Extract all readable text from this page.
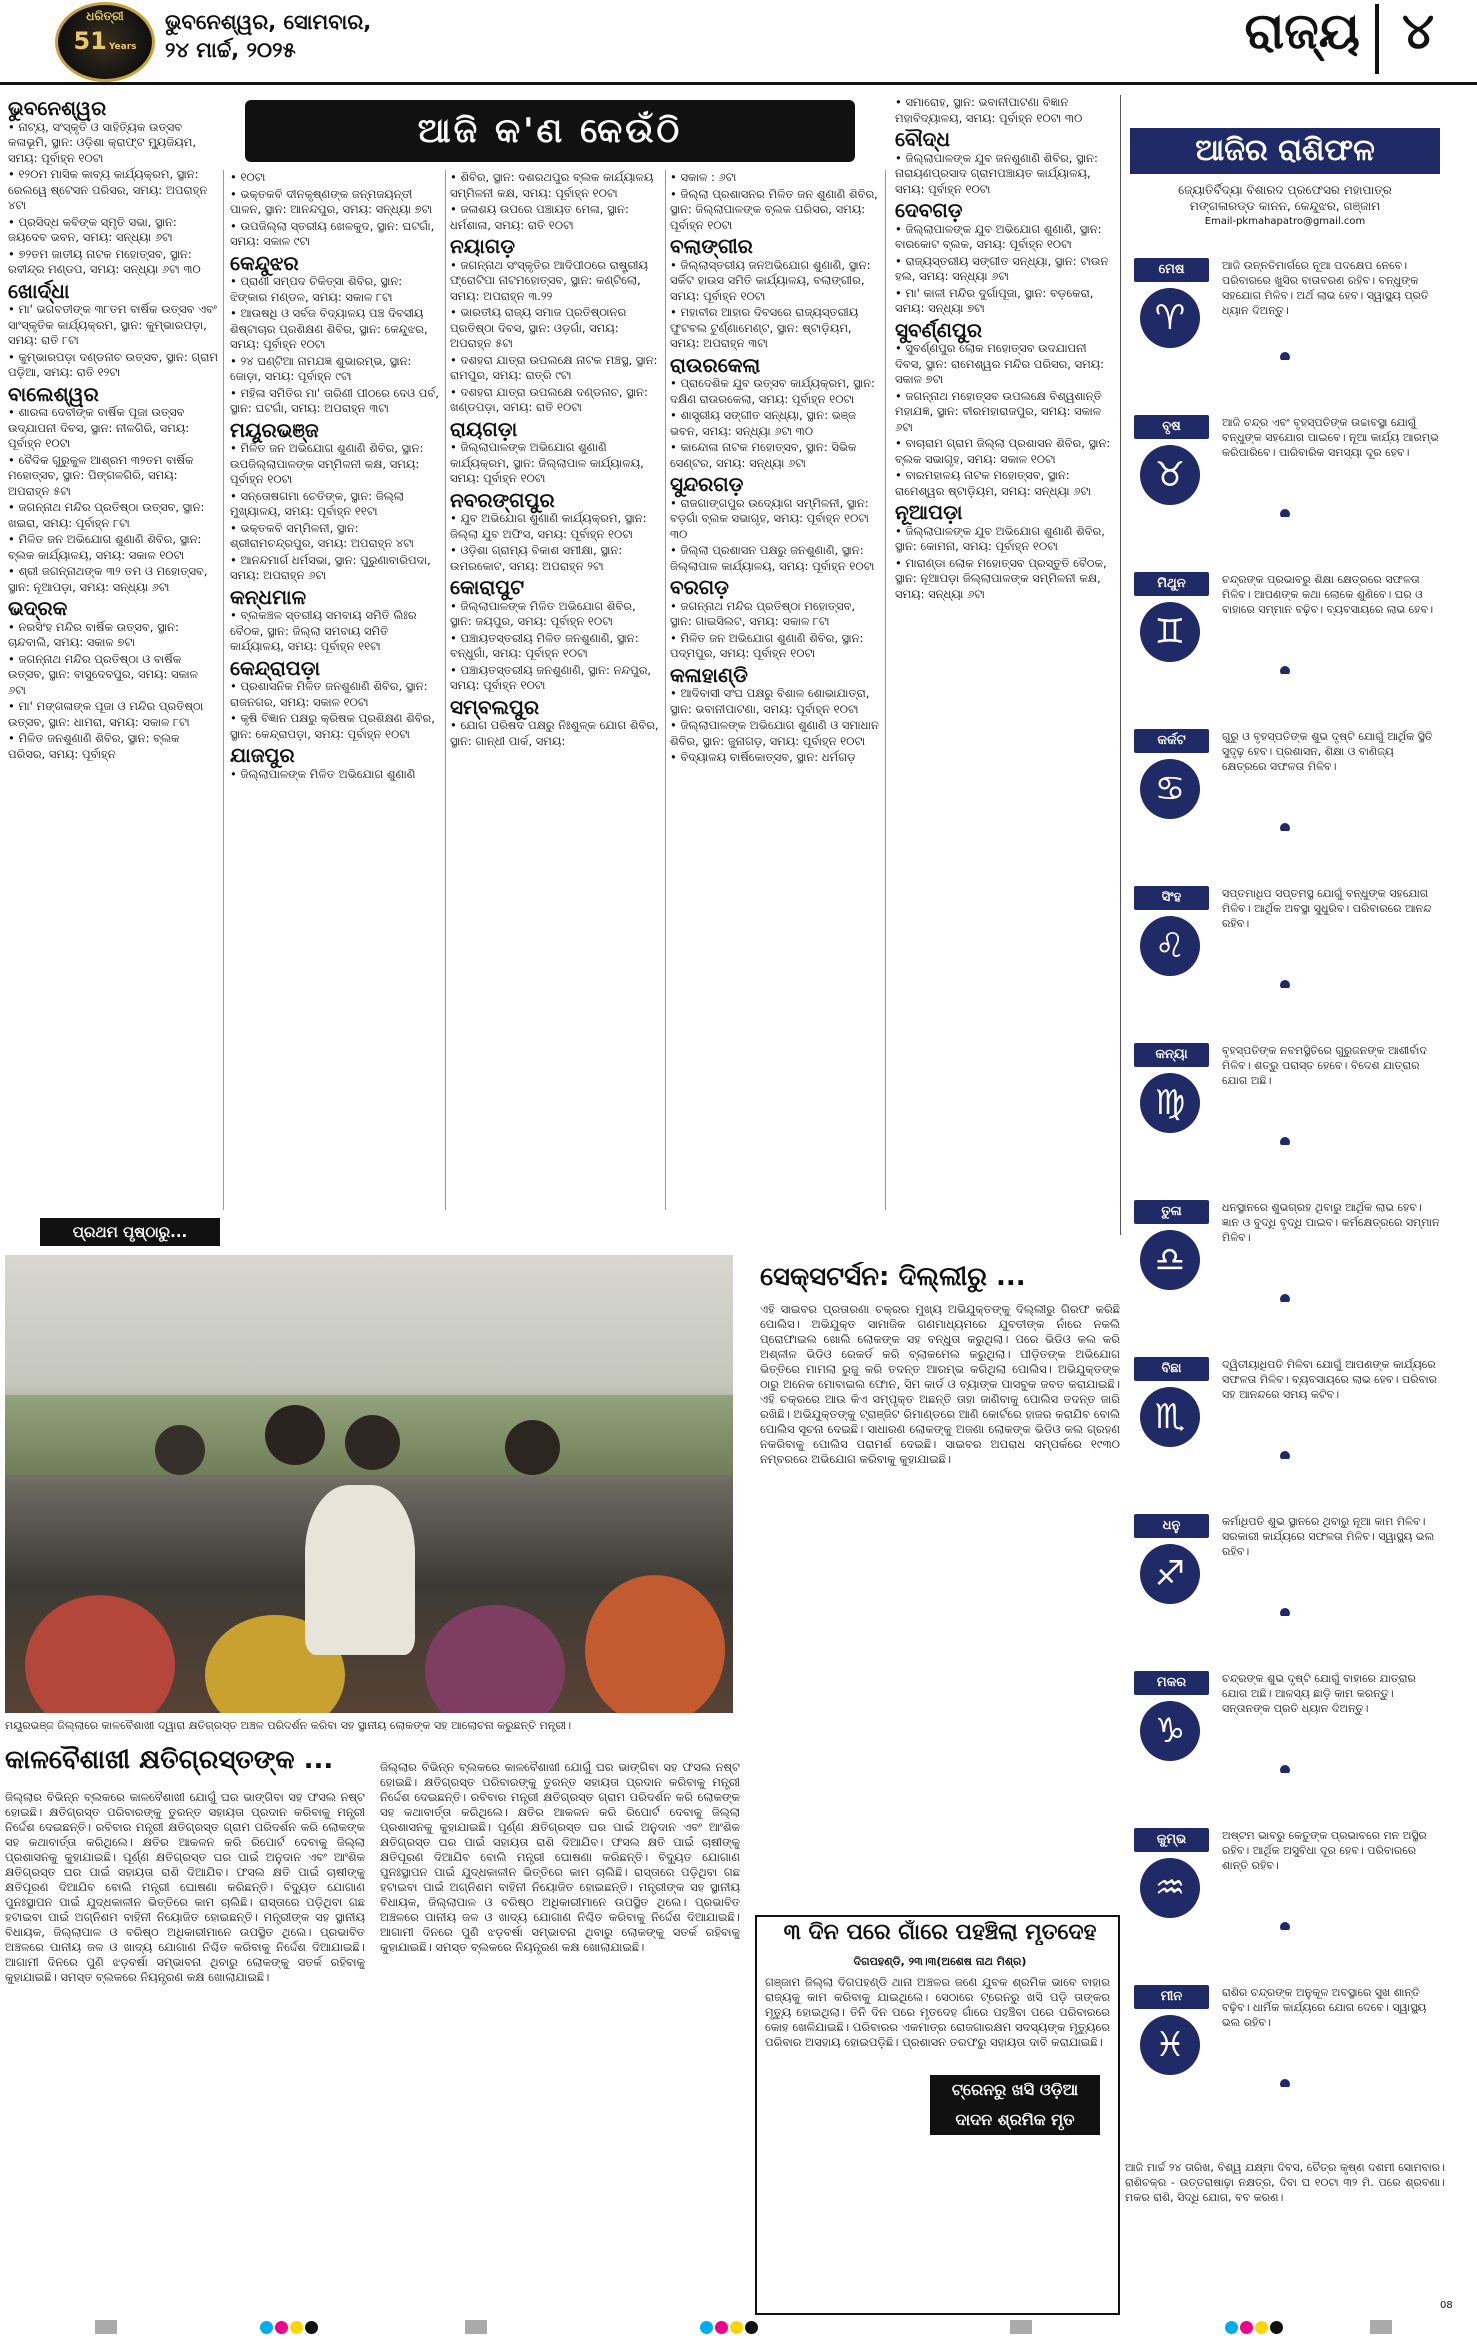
ଧରିତ୍ରୀ
51 Years
ଭୁବନେଶ୍ୱର, ସୋମବାର,
୨୪ ମାର୍ଚ୍ଚ, ୨୦୨୫	ରାଜ୍ୟ ୪
ଆଜି କ'ଣ କେଉଁଠି
ଭୁବନେଶ୍ୱର

• ନାଟ୍ୟ, ସଂସ୍କୃତି ଓ ସାହିତ୍ୟିକ ଉତ୍ସବ କଳାଭୂମି, ସ୍ଥାନ: ଓଡ଼ିଶା କ୍ରାଫ୍ଟ ମ୍ୟୁଜିୟମ, ସମୟ: ପୂର୍ବାହ୍ନ ୧୦ଟା

• ୧୨୦ମ ମାସିକ କାବ୍ୟ କାର୍ଯ୍ୟକ୍ରମ, ସ୍ଥାନ: ରେଲୱେ ଷ୍ଟେସନ ପରିସର, ସମୟ: ଅପରାହ୍ନ ୪ଟା

• ପ୍ରସିଦ୍ଧ କବିଙ୍କ ସ୍ମୃତି ସଭା, ସ୍ଥାନ: ଜୟଦେବ ଭବନ, ସମୟ: ସନ୍ଧ୍ୟା ୬ଟା

• ୭୨ତମ ଜାତୀୟ ନାଟକ ମହୋତ୍ସବ, ସ୍ଥାନ: ରବୀନ୍ଦ୍ର ମଣ୍ଡପ, ସମୟ: ସନ୍ଧ୍ୟା ୬ଟା ୩୦

ଖୋର୍ଦ୍ଧା

• ମା' ଭଗବତୀଙ୍କ ୩୮ତମ ବାର୍ଷିକ ଉତ୍ସବ ଏବଂ ସାଂସ୍କୃତିକ କାର୍ଯ୍ୟକ୍ରମ, ସ୍ଥାନ: କୁମ୍ଭାରପଡ଼ା, ସମୟ: ରାତି ୮ଟା

• କୁମ୍ଭାରପଡ଼ା ଦଣ୍ଡନାଚ ଉତ୍ସବ, ସ୍ଥାନ: ଗ୍ରାମ ପଡ଼ିଆ, ସମୟ: ରାତି ୧୨ଟା

ବାଲେଶ୍ୱର

• ଶାରଳା ଦେବୀଙ୍କ ବାର୍ଷିକ ପୂଜା ଉତ୍ସବ ଉଦ୍ଯାପନୀ ଦିବସ, ସ୍ଥାନ: ନୀଳଗିରି, ସମୟ: ପୂର୍ବାହ୍ନ ୧୦ଟା

• ବୈଦିକ ଗୁରୁକୁଳ ଆଶ୍ରମ ୩୨ତମ ବାର୍ଷିକ ମହୋତ୍ସବ, ସ୍ଥାନ: ପିଙ୍ଗଳଗିରି, ସମୟ: ଅପରାହ୍ନ ୫ଟା

• ଜଗନ୍ନାଥ ମନ୍ଦିର ପ୍ରତିଷ୍ଠା ଉତ୍ସବ, ସ୍ଥାନ: ଖଇରା, ସମୟ: ପୂର୍ବାହ୍ନ ୮ଟା

• ମିଳିତ ଜନ ଅଭିଯୋଗ ଶୁଣାଣି ଶିବିର, ସ୍ଥାନ: ବ୍ଲକ କାର୍ଯ୍ୟାଳୟ, ସମୟ: ସକାଳ ୧୦ଟା

• ଶ୍ରୀ ଜଗନ୍ନାଥଙ୍କ ୩୨ ତମ ଓ ମହୋତ୍ସବ, ସ୍ଥାନ: ନୂଆପଡ଼ା, ସମୟ: ସନ୍ଧ୍ୟା ୬ଟା

ଭଦ୍ରକ

• ନରସିଂହ ମନ୍ଦିର ବାର୍ଷିକ ଉତ୍ସବ, ସ୍ଥାନ: ଚାନ୍ଦବାଲି, ସମୟ: ସକାଳ ୭ଟା

• ଜଗନ୍ନାଥ ମନ୍ଦିର ପ୍ରତିଷ୍ଠା ଓ ବାର୍ଷିକ ଉତ୍ସବ, ସ୍ଥାନ: ବାସୁଦେବପୁର, ସମୟ: ସକାଳ ୬ଟା

• ମା' ମଙ୍ଗଳାଙ୍କ ପୂଜା ଓ ମନ୍ଦିର ପ୍ରତିଷ୍ଠା ଉତ୍ସବ, ସ୍ଥାନ: ଧାମରା, ସମୟ: ସକାଳ ୮ଟା

• ମିଳିତ ଜନଶୁଣାଣି ଶିବିର, ସ୍ଥାନ: ବ୍ଲକ ପରିସର, ସମୟ: ପୂର୍ବାହ୍ନ

• ୧୦ଟା

• ଭକ୍ତକବି ଦୀନକୃଷ୍ଣଙ୍କ ଜନ୍ମଜୟନ୍ତୀ ପାଳନ, ସ୍ଥାନ: ଆନନ୍ଦପୁର, ସମୟ: ସନ୍ଧ୍ୟା ୭ଟା

• ଉପଜିଲ୍ଲା ସ୍ତରୀୟ ଖେଳକୁଦ, ସ୍ଥାନ: ଘଟଗାଁ, ସମୟ: ସକାଳ ୯ଟା

କେନ୍ଦୁଝର

• ପ୍ରାଣୀ ସମ୍ପଦ ଚିକିତ୍ସା ଶିବିର, ସ୍ଥାନ: ଝିଙ୍କାର ମଣ୍ଡଳ, ସମୟ: ସକାଳ ୮ଟା

• ଆଉଷଧି ଓ ସର୍ବଜ ବିଦ୍ୟାଳୟ ପଞ୍ଚ ଦିବସୀୟ ଶିଷ୍ଟାଚାର ପ୍ରଶିକ୍ଷଣ ଶିବିର, ସ୍ଥାନ: କେନ୍ଦୁଝର, ସମୟ: ପୂର୍ବାହ୍ନ ୧୦ଟା

• ୨୪ ଘଣ୍ଟିଆ ନାମଯଜ୍ଞ ଶୁଭାରମ୍ଭ, ସ୍ଥାନ: ଜୋଡ଼ା, ସମୟ: ପୂର୍ବାହ୍ନ ୯ଟା

• ମହିଳା ସମିତିର ମା' ତାରିଣୀ ପୀଠରେ ଦେଓ ପର୍ବ, ସ୍ଥାନ: ଘଟଗାଁ, ସମୟ: ଅପରାହ୍ନ ୩ଟା

ମୟୂରଭଞ୍ଜ

• ମିଳିତ ଜନ ଅଭିଯୋଗ ଶୁଣାଣି ଶିବିର, ସ୍ଥାନ: ଉପଜିଲ୍ଲାପାଳଙ୍କ ସମ୍ମିଳନୀ କକ୍ଷ, ସମୟ: ପୂର୍ବାହ୍ନ ୧୦ଟା

• ସନ୍ତୋଷଗମା ଚେତିଙ୍କ, ସ୍ଥାନ: ଜିଲ୍ଲା ମୁଖ୍ୟାଳୟ, ସମୟ: ପୂର୍ବାହ୍ନ ୧୧ଟା

• ଭକ୍ତକବି ସମ୍ମିଳନୀ, ସ୍ଥାନ: ଶ୍ରୀରାମଚନ୍ଦ୍ରପୁର, ସମୟ: ଅପରାହ୍ନ ୪ଟା

• ଆନନ୍ଦମାର୍ଗ ଧର୍ମସଭା, ସ୍ଥାନ: ପୁରୁଣାବାରିପଦା, ସମୟ: ଅପରାହ୍ନ ୬ଟା

କନ୍ଧମାଳ

• ବ୍ଲକଞ୍ଚଳ ସ୍ତରୀୟ ସମବାୟ ସମିତି ଲିଃର ବୈଠକ, ସ୍ଥାନ: ଜିଲ୍ଲା ସମବାୟ ସମିତି କାର୍ଯ୍ୟାଳୟ, ସମୟ: ପୂର୍ବାହ୍ନ ୧୧ଟା

କେନ୍ଦ୍ରାପଡ଼ା

• ପ୍ରଶାସନିକ ମିଳିତ ଜନଶୁଣାଣି ଶିବିର, ସ୍ଥାନ: ରାଜନଗର, ସମୟ: ସକାଳ ୧୦ଟା

• କୃଷି ବିଜ୍ଞାନ ପକ୍ଷରୁ କ୍ରିଷକ ପ୍ରଶିକ୍ଷଣ ଶିବିର, ସ୍ଥାନ: କେନ୍ଦ୍ରାପଡ଼ା, ସମୟ: ପୂର୍ବାହ୍ନ ୧୦ଟା

ଯାଜପୁର

• ଜିଲ୍ଲାପାଳଙ୍କ ମିଳିତ ଅଭିଯୋଗ ଶୁଣାଣି

• ଶିବିର, ସ୍ଥାନ: ଦଶରଥପୁର ବ୍ଲକ କାର୍ଯ୍ୟାଳୟ ସମ୍ମିଳନୀ କକ୍ଷ, ସମୟ: ପୂର୍ବାହ୍ନ ୧୦ଟା

• ଜଳାଶୟ ଉପରେ ପଞ୍ଚାୟତ ମେଳା, ସ୍ଥାନ: ଧର୍ମଶାଳା, ସମୟ: ରାତି ୧୦ଟା

ନୟାଗଡ଼

• ଜଗନ୍ନାଥ ସଂସ୍କୃତିର ଆଦିପୀଠରେ ରାଷ୍ଟ୍ରୀୟ ଫ୍ରୋଟିପା ନାଟମହୋତ୍ସବ, ସ୍ଥାନ: କଣ୍ଟିଲୋ, ସମୟ: ଅପରାହ୍ନ ୩.୨୨

• ଭାରତୀୟ ରାଜ୍ୟ ସମାଜ ପ୍ରତିଷ୍ଠାନର ପ୍ରତିଷ୍ଠା ଦିବସ, ସ୍ଥାନ: ଓଡ଼ଗାଁ, ସମୟ: ଅପରାହ୍ନ ୫ଟା

• ଦଶହରା ଯାତ୍ରା ଉପଲକ୍ଷେ ନାଟକ ମଞ୍ଚସ୍ଥ, ସ୍ଥାନ: ରାମପୁର, ସମୟ: ରାତ୍ରି ୯ଟା

• ଦଶହରା ଯାତ୍ରା ଉପଲକ୍ଷେ ଦଣ୍ଡନାଚ, ସ୍ଥାନ: ଖଣ୍ଡପଡ଼ା, ସମୟ: ରାତି ୧୦ଟା

ରାୟଗଡ଼ା

• ଜିଲ୍ଲାପାଳଙ୍କ ଅଭିଯୋଗ ଶୁଣାଣି କାର୍ଯ୍ୟକ୍ରମ, ସ୍ଥାନ: ଜିଲ୍ଲାପାଳ କାର୍ଯ୍ୟାଳୟ, ସମୟ: ପୂର୍ବାହ୍ନ ୧୦ଟା

ନବରଙ୍ଗପୁର

• ଯୁବ ଅଭିଯୋଗ ଶୁଣାଣି କାର୍ଯ୍ୟକ୍ରମ, ସ୍ଥାନ: ଜିଲ୍ଲା ଯୁବ ଅଫିସ, ସମୟ: ପୂର୍ବାହ୍ନ ୧୦ଟା

• ଓଡ଼ିଶା ଗ୍ରାମ୍ୟ ବିକାଶ ସମୀକ୍ଷା, ସ୍ଥାନ: ଉମରକୋଟ, ସମୟ: ଅପରାହ୍ନ ୨ଟା

କୋରାପୁଟ

• ଜିଲ୍ଲାପାଳଙ୍କ ମିଳିତ ଅଭିଯୋଗ ଶିବିର, ସ୍ଥାନ: ଜୟପୁର, ସମୟ: ପୂର୍ବାହ୍ନ ୧୦ଟା

• ପଞ୍ଚାୟତସ୍ତରୀୟ ମିଳିତ ଜନଶୁଣାଣି, ସ୍ଥାନ: ବନ୍ଧୁଗାଁ, ସମୟ: ପୂର୍ବାହ୍ନ ୧୦ଟା

• ପଞ୍ଚାୟତସ୍ତରୀୟ ଜନଶୁଣାଣି, ସ୍ଥାନ: ନନ୍ଦପୁର, ସମୟ: ପୂର୍ବାହ୍ନ ୧୦ଟା

ସମ୍ବଲପୁର

• ଯୋଗ ପରିଷଦ ପକ୍ଷରୁ ନିଃଶୁଳ୍କ ଯୋଗ ଶିବିର, ସ୍ଥାନ: ଗାନ୍ଧୀ ପାର୍କ, ସମୟ:

• ସକାଳ : ୬ଟା

• ଜିଲ୍ଲା ପ୍ରଶାସନର ମିଳିତ ଜନ ଶୁଣାଣି ଶିବିର, ସ୍ଥାନ: ଜିଲ୍ଲାପାଳଙ୍କ ବ୍ଲକ ପରିସର, ସମୟ: ପୂର୍ବାହ୍ନ ୧୦ଟା

ବଲାଙ୍ଗୀର

• ଜିଲ୍ଲାସ୍ତରୀୟ ଜନଅଭିଯୋଗ ଶୁଣାଣି, ସ୍ଥାନ: ସର୍କିଟ ହାଉସ ସମିତି କାର୍ଯ୍ୟାଳୟ, ବଲାଙ୍ଗୀର, ସମୟ: ପୂର୍ବାହ୍ନ ୧୦ଟା

• ମହାବୀର ଆହାର ଦିବସରେ ରାଜ୍ୟସ୍ତରୀୟ ଫୁଟବଲ ଟୁର୍ଣ୍ଣାମେଣ୍ଟ, ସ୍ଥାନ: ଷ୍ଟାଡ଼ିୟମ, ସମୟ: ଅପରାହ୍ନ ୩ଟା

ରାଉରକେଲା

• ପ୍ରାଦେଶିକ ଯୁବ ଉତ୍ସବ କାର୍ଯ୍ୟକ୍ରମ, ସ୍ଥାନ: ଦକ୍ଷିଣ ରାଉରକେଲା, ସମୟ: ପୂର୍ବାହ୍ନ ୧୦ଟା

• ଶାସ୍ତ୍ରୀୟ ସଙ୍ଗୀତ ସନ୍ଧ୍ୟା, ସ୍ଥାନ: ଭଞ୍ଜ ଭବନ, ସମୟ: ସନ୍ଧ୍ୟା ୬ଟା ୩୦

• କାନ୍ଦୋଳା ନାଟକ ମହୋତ୍ସବ, ସ୍ଥାନ: ସିଭିକ ସେଣ୍ଟର, ସମୟ: ସନ୍ଧ୍ୟା ୬ଟା

ସୁନ୍ଦରଗଡ଼

• ରାଜଗାଙ୍ଗପୁର ଉଦ୍ୟୋଗ ସମ୍ମିଳନୀ, ସ୍ଥାନ: ବଡ଼ଗାଁ ବ୍ଲକ ସଭାଗୃହ, ସମୟ: ପୂର୍ବାହ୍ନ ୧୦ଟା ୩୦

• ଜିଲ୍ଲା ପ୍ରଶାସନ ପକ୍ଷରୁ ଜନଶୁଣାଣି, ସ୍ଥାନ: ଜିଲ୍ଲାପାଳ କାର୍ଯ୍ୟାଳୟ, ସମୟ: ପୂର୍ବାହ୍ନ ୧୦ଟା

ବରଗଡ଼

• ଜଗନ୍ନାଥ ମନ୍ଦିର ପ୍ରତିଷ୍ଠା ମହୋତ୍ସବ, ସ୍ଥାନ: ଗାଇସିଲଟ, ସମୟ: ସକାଳ ୮ଟା

• ମିଳିତ ଜନ ଅଭିଯୋଗ ଶୁଣାଣି ଶିବିର, ସ୍ଥାନ: ପଦ୍ମପୁର, ସମୟ: ପୂର୍ବାହ୍ନ ୧୦ଟା

କଳାହାଣ୍ଡି

• ଆଦିବାସୀ ସଂଘ ପକ୍ଷରୁ ବିଶାଳ ଶୋଭାଯାତ୍ରା, ସ୍ଥାନ: ଭବାନୀପାଟଣା, ସମୟ: ପୂର୍ବାହ୍ନ ୧୦ଟା

• ଜିଲ୍ଲାପାଳଙ୍କ ଅଭିଯୋଗ ଶୁଣାଣି ଓ ସମାଧାନ ଶିବିର, ସ୍ଥାନ: ଜୁନାଗଡ଼, ସମୟ: ପୂର୍ବାହ୍ନ ୧୦ଟା

• ବିଦ୍ୟାଳୟ ବାର୍ଷିକୋତ୍ସବ, ସ୍ଥାନ: ଧର୍ମଗଡ଼

• ସମାରୋହ, ସ୍ଥାନ: ଭବାନୀପାଟଣା ବିଜ୍ଞାନ ମହାବିଦ୍ୟାଳୟ, ସମୟ: ପୂର୍ବାହ୍ନ ୧୦ଟା ୩୦

ବୌଦ୍ଧ

• ଜିଲ୍ଲାପାଳଙ୍କ ଯୁବ ଜନଶୁଣାଣି ଶିବିର, ସ୍ଥାନ: ନାରାୟଣପ୍ରସାଦ ଗ୍ରାମପଞ୍ଚାୟତ କାର୍ଯ୍ୟାଳୟ, ସମୟ: ପୂର୍ବାହ୍ନ ୧୦ଟା

ଦେବଗଡ଼

• ଜିଲ୍ଲାପାଳଙ୍କ ଯୁବ ଅଭିଯୋଗ ଶୁଣାଣି, ସ୍ଥାନ: ବାରକୋଟ ବ୍ଲକ, ସମୟ: ପୂର୍ବାହ୍ନ ୧୦ଟା

• ରାଜ୍ୟସ୍ତରୀୟ ସଙ୍ଗୀତ ସନ୍ଧ୍ୟା, ସ୍ଥାନ: ଟାଉନ ହଲ, ସମୟ: ସନ୍ଧ୍ୟା ୬ଟା

• ମା' କାଳୀ ମନ୍ଦିର ଦୁର୍ଗାପୂଜା, ସ୍ଥାନ: ବଡ଼କେରା, ସମୟ: ସନ୍ଧ୍ୟା ୭ଟା

ସୁବର୍ଣ୍ଣପୁର

• ସୁବର୍ଣ୍ଣପୁର ଲୋକ ମହୋତ୍ସବ ଉଦଯାପନୀ ଦିବସ, ସ୍ଥାନ: ରାମେଶ୍ୱର ମନ୍ଦିର ପରିସର, ସମୟ: ସକାଳ ୭ଟା

• ଜଗନ୍ନାଥ ମହୋତ୍ସବ ଉପଲକ୍ଷେ ବିଶ୍ୱଶାନ୍ତି ମହାଯଜ୍ଞ, ସ୍ଥାନ: ବୀରମହାରାଜପୁର, ସମୟ: ସକାଳ ୬ଟା

• ବାଚାରାମ ଗ୍ରାମ ଜିଲ୍ଲା ପ୍ରଶାସନ ଶିବିର, ସ୍ଥାନ: ବ୍ଲକ ସଭାଗୃହ, ସମୟ: ସକାଳ ୧୦ଟା

• ବାରମହାଳୟ ନାଟକ ମହୋତ୍ସବ, ସ୍ଥାନ: ରାମେଶ୍ୱର ଷ୍ଟାଡ଼ିୟମ, ସମୟ: ସନ୍ଧ୍ୟା ୬ଟା

ନୂଆପଡ଼ା

• ଜିଲ୍ଲାପାଳଙ୍କ ଯୁବ ଅଭିଯୋଗ ଶୁଣାଣି ଶିବିର, ସ୍ଥାନ: କୋମନା, ସମୟ: ପୂର୍ବାହ୍ନ ୧୦ଟା

• ମାରାଣ୍ଡା ଲୋକ ମହୋତ୍ସବ ପ୍ରସ୍ତୁତି ବୈଠକ, ସ୍ଥାନ: ନୂଆପଡ଼ା ଜିଲ୍ଲାପାଳଙ୍କ ସମ୍ମିଳନୀ କକ୍ଷ, ସମୟ: ସନ୍ଧ୍ୟା ୬ଟା

ଆଜିର ରାଶିଫଳ
ଜ୍ୟୋତିର୍ବିଦ୍ୟା ବିଶାରଦ ପ୍ରଫେସର ମହାପାତ୍ର
ମଙ୍ଗଳାରଡ୍ଡ କାନନ, କେନ୍ଦୁଝର, ଗଞ୍ଜାମ
Email-pkmahapatro@gmail.com
ମେଷ
♈
ଆଜି ଉନ୍ନତିମାର୍ଗରେ ନୂଆ ପଦକ୍ଷେପ ନେବେ। ପରିବାରରେ ଖୁସିର ବାତାବରଣ ରହିବ। ବନ୍ଧୁଙ୍କ ସହଯୋଗ ମିଳିବ। ଅର୍ଥ ଲାଭ ହେବ। ସ୍ୱାସ୍ଥ୍ୟ ପ୍ରତି ଧ୍ୟାନ ଦିଅନ୍ତୁ।
ବୃଷ
♉
ଆଜି ଚନ୍ଦ୍ର ଏବଂ ବୃହସ୍ପତିଙ୍କ ଉଚ୍ଚାବସ୍ଥା ଯୋଗୁଁ ବନ୍ଧୁଙ୍କ ସହଯୋଗ ପାଇବେ। ନୂଆ କାର୍ଯ୍ୟ ଆରମ୍ଭ କରିପାରିବେ। ପାରିବାରିକ ସମସ୍ୟା ଦୂର ହେବ।
ମିଥୁନ
♊
ଚନ୍ଦ୍ରଙ୍କ ପ୍ରଭାବରୁ ଶିକ୍ଷା କ୍ଷେତ୍ରରେ ସଫଳତା ମିଳିବ। ଆପଣଙ୍କ କଥା ଲୋକେ ଶୁଣିବେ। ଘର ଓ ବାହାରେ ସମ୍ମାନ ବଢ଼ିବ। ବ୍ୟବସାୟରେ ଲାଭ ହେବ।
କର୍କଟ
♋
ଗୁରୁ ଓ ବୃହସ୍ପତିଙ୍କ ଶୁଭ ଦୃଷ୍ଟି ଯୋଗୁଁ ଆର୍ଥିକ ସ୍ଥିତି ସୁଦୃଢ଼ ହେବ। ପ୍ରଶାସନ, ଶିକ୍ଷା ଓ ବାଣିଜ୍ୟ କ୍ଷେତ୍ରରେ ସଫଳତା ମିଳିବ।
ସିଂହ
♌
ସପ୍ତମାଧିପ ସପ୍ତମସ୍ଥ ଯୋଗୁଁ ବନ୍ଧୁଙ୍କ ସହଯୋଗ ମିଳିବ। ଆର୍ଥିକ ଅବସ୍ଥା ସୁଧୁରିବ। ପରିବାରରେ ଆନନ୍ଦ ରହିବ।
କନ୍ୟା
♍
ବୃହସ୍ପତିଙ୍କ ନବମସ୍ଥିତିରେ ଗୁରୁଜନଙ୍କ ଆଶୀର୍ବାଦ ମିଳିବ। ଶତ୍ରୁ ପରାସ୍ତ ହେବେ। ବିଦେଶ ଯାତ୍ରାର ଯୋଗ ଅଛି।
ତୁଳା
♎
ଧନସ୍ଥାନରେ ଶୁଭଗ୍ରହ ଥିବାରୁ ଆର୍ଥିକ ଲାଭ ହେବ। ଜ୍ଞାନ ଓ ବୁଦ୍ଧି ବୃଦ୍ଧି ପାଇବ। କର୍ମକ୍ଷେତ୍ରରେ ସମ୍ମାନ ମିଳିବ।
ବିଛା
♏
ଦ୍ୱିତୀୟାଧିପତି ମିଳିବା ଯୋଗୁଁ ଆପଣଙ୍କ କାର୍ଯ୍ୟରେ ସଫଳତା ମିଳିବ। ବ୍ୟବସାୟରେ ଲାଭ ହେବ। ପରିବାର ସହ ଆନନ୍ଦରେ ସମୟ କଟିବ।
ଧନୁ
♐
କର୍ମାଧିପତି ଶୁଭ ସ୍ଥାନରେ ଥିବାରୁ ନୂଆ କାମ ମିଳିବ। ସରକାରୀ କାର୍ଯ୍ୟରେ ସଫଳତା ମିଳିବ। ସ୍ୱାସ୍ଥ୍ୟ ଭଲ ରହିବ।
ମକର
♑
ଚନ୍ଦ୍ରଙ୍କ ଶୁଭ ଦୃଷ୍ଟି ଯୋଗୁଁ ବାହାରେ ଯାତ୍ରାର ଯୋଗ ଅଛି। ଆଳସ୍ୟ ଛାଡ଼ି କାମ କରନ୍ତୁ। ସନ୍ତାନଙ୍କ ପ୍ରତି ଧ୍ୟାନ ଦିଅନ୍ତୁ।
କୁମ୍ଭ
♒
ଅଷ୍ଟମ ଭାବରୁ କେତୁଙ୍କ ପ୍ରଭାବରେ ମନ ଅସ୍ଥିର ରହିବ। ଆର୍ଥିକ ଅସୁବିଧା ଦୂର ହେବ। ପରିବାରରେ ଶାନ୍ତି ରହିବ।
ମୀନ
♓
ରାଶିର ଚନ୍ଦ୍ରଙ୍କ ଅନୁକୂଳ ଅବସ୍ଥାରେ ସୁଖ ଶାନ୍ତି ବଢ଼ିବ। ଧାର୍ମିକ କାର୍ଯ୍ୟରେ ଯୋଗ ଦେବେ। ସ୍ୱାସ୍ଥ୍ୟ ଭଲ ରହିବ।
ଆଜି ମାର୍ଚ୍ଚ ୨୪ ତାରିଖ, ବିଶ୍ୱ ଯକ୍ଷ୍ମା ଦିବସ, ଚୈତ୍ର କୃଷ୍ଣ ଦଶମୀ ସୋମବାର। ରାଶିଚକ୍ର - ଉତ୍ତରାଷାଢ଼ା ନକ୍ଷତ୍ର, ଦିବା ଘ ୧୦ଟା ୩୨ ମି. ପରେ ଶ୍ରବଣା। ମକର ରାଶି, ସିଦ୍ଧି ଯୋଗ, ବବ କରଣ।
ପ୍ରଥମ ପୃଷ୍ଠାରୁ...
ମୟୂରଭଞ୍ଜ ଜିଲ୍ଲାରେ କାଳବୈଶାଖୀ ଦ୍ୱାରା କ୍ଷତିଗ୍ରସ୍ତ ଅଞ୍ଚଳ ପରିଦର୍ଶନ କରିବା ସହ ସ୍ଥାନୀୟ ଲୋକଙ୍କ ସହ ଆଲୋଚନା କରୁଛନ୍ତି ମନ୍ତ୍ରୀ।
ସେକ୍ସଟର୍ସନ: ଦିଲ୍ଲୀରୁ ...
ଏହି ସାଇବର ପ୍ରତାରଣା ଚକ୍ରର ମୁଖ୍ୟ ଅଭିଯୁକ୍ତଙ୍କୁ ଦିଲ୍ଲୀରୁ ଗିରଫ କରିଛି ପୋଲିସ। ଅଭିଯୁକ୍ତ ସାମାଜିକ ଗଣମାଧ୍ୟମରେ ଯୁବତୀଙ୍କ ନାଁରେ ନକଲି ପ୍ରୋଫାଇଲ ଖୋଲି ଲୋକଙ୍କ ସହ ବନ୍ଧୁତା କରୁଥିଲା। ପରେ ଭିଡିଓ କଲ କରି ଅଶ୍ଳୀଳ ଭିଡିଓ ରେକର୍ଡ କରି ବ୍ଲାକମେଲ କରୁଥିଲା। ପୀଡ଼ିତଙ୍କ ଅଭିଯୋଗ ଭିତ୍ତିରେ ମାମଲା ରୁଜୁ କରି ତଦନ୍ତ ଆରମ୍ଭ କରିଥିଲା ପୋଲିସ। ଅଭିଯୁକ୍ତଙ୍କ ଠାରୁ ଅନେକ ମୋବାଇଲ ଫୋନ, ସିମ କାର୍ଡ ଓ ବ୍ୟାଙ୍କ ପାସବୁକ ଜବତ କରାଯାଇଛି। ଏହି ଚକ୍ରରେ ଆଉ କିଏ ସମ୍ପୃକ୍ତ ଅଛନ୍ତି ତାହା ଜାଣିବାକୁ ପୋଲିସ ତଦନ୍ତ ଜାରି ରଖିଛି। ଅଭିଯୁକ୍ତଙ୍କୁ ଟ୍ରାଞ୍ଜିଟ ରିମାଣ୍ଡରେ ଆଣି କୋର୍ଟରେ ହାଜର କରାଯିବ ବୋଲି ପୋଲିସ ସୂଚନା ଦେଇଛି। ସାଧାରଣ ଲୋକଙ୍କୁ ଅଜଣା ଲୋକଙ୍କ ଭିଡିଓ କଲ ଗ୍ରହଣ ନକରିବାକୁ ପୋଲିସ ପରାମର୍ଶ ଦେଇଛି। ସାଇବର ଅପରାଧ ସମ୍ପର୍କରେ ୧୯୩୦ ନମ୍ବରରେ ଅଭିଯୋଗ କରିବାକୁ କୁହାଯାଇଛି।
କାଳବୈଶାଖୀ କ୍ଷତିଗ୍ରସ୍ତଙ୍କ ...
ଜିଲ୍ଲାର ବିଭିନ୍ନ ବ୍ଲକରେ କାଳବୈଶାଖୀ ଯୋଗୁଁ ଘର ଭାଙ୍ଗିବା ସହ ଫସଲ ନଷ୍ଟ ହୋଇଛି। କ୍ଷତିଗ୍ରସ୍ତ ପରିବାରଙ୍କୁ ତୁରନ୍ତ ସହାୟତା ପ୍ରଦାନ କରିବାକୁ ମନ୍ତ୍ରୀ ନିର୍ଦ୍ଦେଶ ଦେଇଛନ୍ତି। ରବିବାର ମନ୍ତ୍ରୀ କ୍ଷତିଗ୍ରସ୍ତ ଗ୍ରାମ ପରିଦର୍ଶନ କରି ଲୋକଙ୍କ ସହ କଥାବାର୍ତ୍ତା କରିଥିଲେ। କ୍ଷତିର ଆକଳନ କରି ରିପୋର୍ଟ ଦେବାକୁ ଜିଲ୍ଲା ପ୍ରଶାସନକୁ କୁହାଯାଇଛି। ପୂର୍ଣ୍ଣ କ୍ଷତିଗ୍ରସ୍ତ ଘର ପାଇଁ ଅନୁଦାନ ଏବଂ ଆଂଶିକ କ୍ଷତିଗ୍ରସ୍ତ ଘର ପାଇଁ ସହାୟତା ରାଶି ଦିଆଯିବ। ଫସଲ କ୍ଷତି ପାଇଁ ଚାଷୀଙ୍କୁ କ୍ଷତିପୂରଣ ଦିଆଯିବ ବୋଲି ମନ୍ତ୍ରୀ ଘୋଷଣା କରିଛନ୍ତି। ବିଦ୍ୟୁତ ଯୋଗାଣ ପୁନଃସ୍ଥାପନ ପାଇଁ ଯୁଦ୍ଧକାଳୀନ ଭିତ୍ତିରେ କାମ ଚାଲିଛି। ରାସ୍ତାରେ ପଡ଼ିଥିବା ଗଛ ହଟାଇବା ପାଇଁ ଅଗ୍ନିଶମ ବାହିନୀ ନିୟୋଜିତ ହୋଇଛନ୍ତି। ମନ୍ତ୍ରୀଙ୍କ ସହ ସ୍ଥାନୀୟ ବିଧାୟକ, ଜିଲ୍ଲାପାଳ ଓ ବରିଷ୍ଠ ଅଧିକାରୀମାନେ ଉପସ୍ଥିତ ଥିଲେ। ପ୍ରଭାବିତ ଅଞ୍ଚଳରେ ପାନୀୟ ଜଳ ଓ ଖାଦ୍ୟ ଯୋଗାଣ ନିଶ୍ଚିତ କରିବାକୁ ନିର୍ଦ୍ଦେଶ ଦିଆଯାଇଛି। ଆଗାମୀ ଦିନରେ ପୁଣି ଝଡ଼ବର୍ଷା ସମ୍ଭାବନା ଥିବାରୁ ଲୋକଙ୍କୁ ସତର୍କ ରହିବାକୁ କୁହାଯାଇଛି। ସମସ୍ତ ବ୍ଲକରେ ନିୟନ୍ତ୍ରଣ କକ୍ଷ ଖୋଲାଯାଇଛି।
ଜିଲ୍ଲାର ବିଭିନ୍ନ ବ୍ଲକରେ କାଳବୈଶାଖୀ ଯୋଗୁଁ ଘର ଭାଙ୍ଗିବା ସହ ଫସଲ ନଷ୍ଟ ହୋଇଛି। କ୍ଷତିଗ୍ରସ୍ତ ପରିବାରଙ୍କୁ ତୁରନ୍ତ ସହାୟତା ପ୍ରଦାନ କରିବାକୁ ମନ୍ତ୍ରୀ ନିର୍ଦ୍ଦେଶ ଦେଇଛନ୍ତି। ରବିବାର ମନ୍ତ୍ରୀ କ୍ଷତିଗ୍ରସ୍ତ ଗ୍ରାମ ପରିଦର୍ଶନ କରି ଲୋକଙ୍କ ସହ କଥାବାର୍ତ୍ତା କରିଥିଲେ। କ୍ଷତିର ଆକଳନ କରି ରିପୋର୍ଟ ଦେବାକୁ ଜିଲ୍ଲା ପ୍ରଶାସନକୁ କୁହାଯାଇଛି। ପୂର୍ଣ୍ଣ କ୍ଷତିଗ୍ରସ୍ତ ଘର ପାଇଁ ଅନୁଦାନ ଏବଂ ଆଂଶିକ କ୍ଷତିଗ୍ରସ୍ତ ଘର ପାଇଁ ସହାୟତା ରାଶି ଦିଆଯିବ। ଫସଲ କ୍ଷତି ପାଇଁ ଚାଷୀଙ୍କୁ କ୍ଷତିପୂରଣ ଦିଆଯିବ ବୋଲି ମନ୍ତ୍ରୀ ଘୋଷଣା କରିଛନ୍ତି। ବିଦ୍ୟୁତ ଯୋଗାଣ ପୁନଃସ୍ଥାପନ ପାଇଁ ଯୁଦ୍ଧକାଳୀନ ଭିତ୍ତିରେ କାମ ଚାଲିଛି। ରାସ୍ତାରେ ପଡ଼ିଥିବା ଗଛ ହଟାଇବା ପାଇଁ ଅଗ୍ନିଶମ ବାହିନୀ ନିୟୋଜିତ ହୋଇଛନ୍ତି। ମନ୍ତ୍ରୀଙ୍କ ସହ ସ୍ଥାନୀୟ ବିଧାୟକ, ଜିଲ୍ଲାପାଳ ଓ ବରିଷ୍ଠ ଅଧିକାରୀମାନେ ଉପସ୍ଥିତ ଥିଲେ। ପ୍ରଭାବିତ ଅଞ୍ଚଳରେ ପାନୀୟ ଜଳ ଓ ଖାଦ୍ୟ ଯୋଗାଣ ନିଶ୍ଚିତ କରିବାକୁ ନିର୍ଦ୍ଦେଶ ଦିଆଯାଇଛି। ଆଗାମୀ ଦିନରେ ପୁଣି ଝଡ଼ବର୍ଷା ସମ୍ଭାବନା ଥିବାରୁ ଲୋକଙ୍କୁ ସତର୍କ ରହିବାକୁ କୁହାଯାଇଛି। ସମସ୍ତ ବ୍ଲକରେ ନିୟନ୍ତ୍ରଣ କକ୍ଷ ଖୋଲାଯାଇଛି।
୩ ଦିନ ପରେ ଗାଁରେ ପହଞ୍ଚିଲା ମୃତଦେହ
ଦିଗପହଣ୍ଡି, ୨୩।୩(ଅଶେଷ ନାଥ ମିଶ୍ର)
ଗଞ୍ଜାମ ଜିଲ୍ଲା ଦିଗପହଣ୍ଡି ଥାନା ଅଞ୍ଚଳର ଜଣେ ଯୁବକ ଶ୍ରମିକ ଭାବେ ବାହାର ରାଜ୍ୟକୁ କାମ କରିବାକୁ ଯାଇଥିଲେ। ସେଠାରେ ଟ୍ରେନରୁ ଖସି ପଡ଼ି ତାଙ୍କର ମୃତ୍ୟୁ ହୋଇଥିଲା। ତିନି ଦିନ ପରେ ମୃତଦେହ ଗାଁରେ ପହଞ୍ଚିବା ପରେ ପରିବାରରେ କୋହ ଖେଳିଯାଇଛି। ପରିବାରର ଏକମାତ୍ର ରୋଜଗାରକ୍ଷମ ସଦସ୍ୟଙ୍କ ମୃତ୍ୟୁରେ ପରିବାର ଅସହାୟ ହୋଇପଡ଼ିଛି। ପ୍ରଶାସନ ତରଫରୁ ସହାୟତା ଦାବି କରାଯାଇଛି।
ଟ୍ରେନରୁ ଖସି ଓଡ଼ିଆ
ଦାଦନ ଶ୍ରମିକ ମୃତ
08
